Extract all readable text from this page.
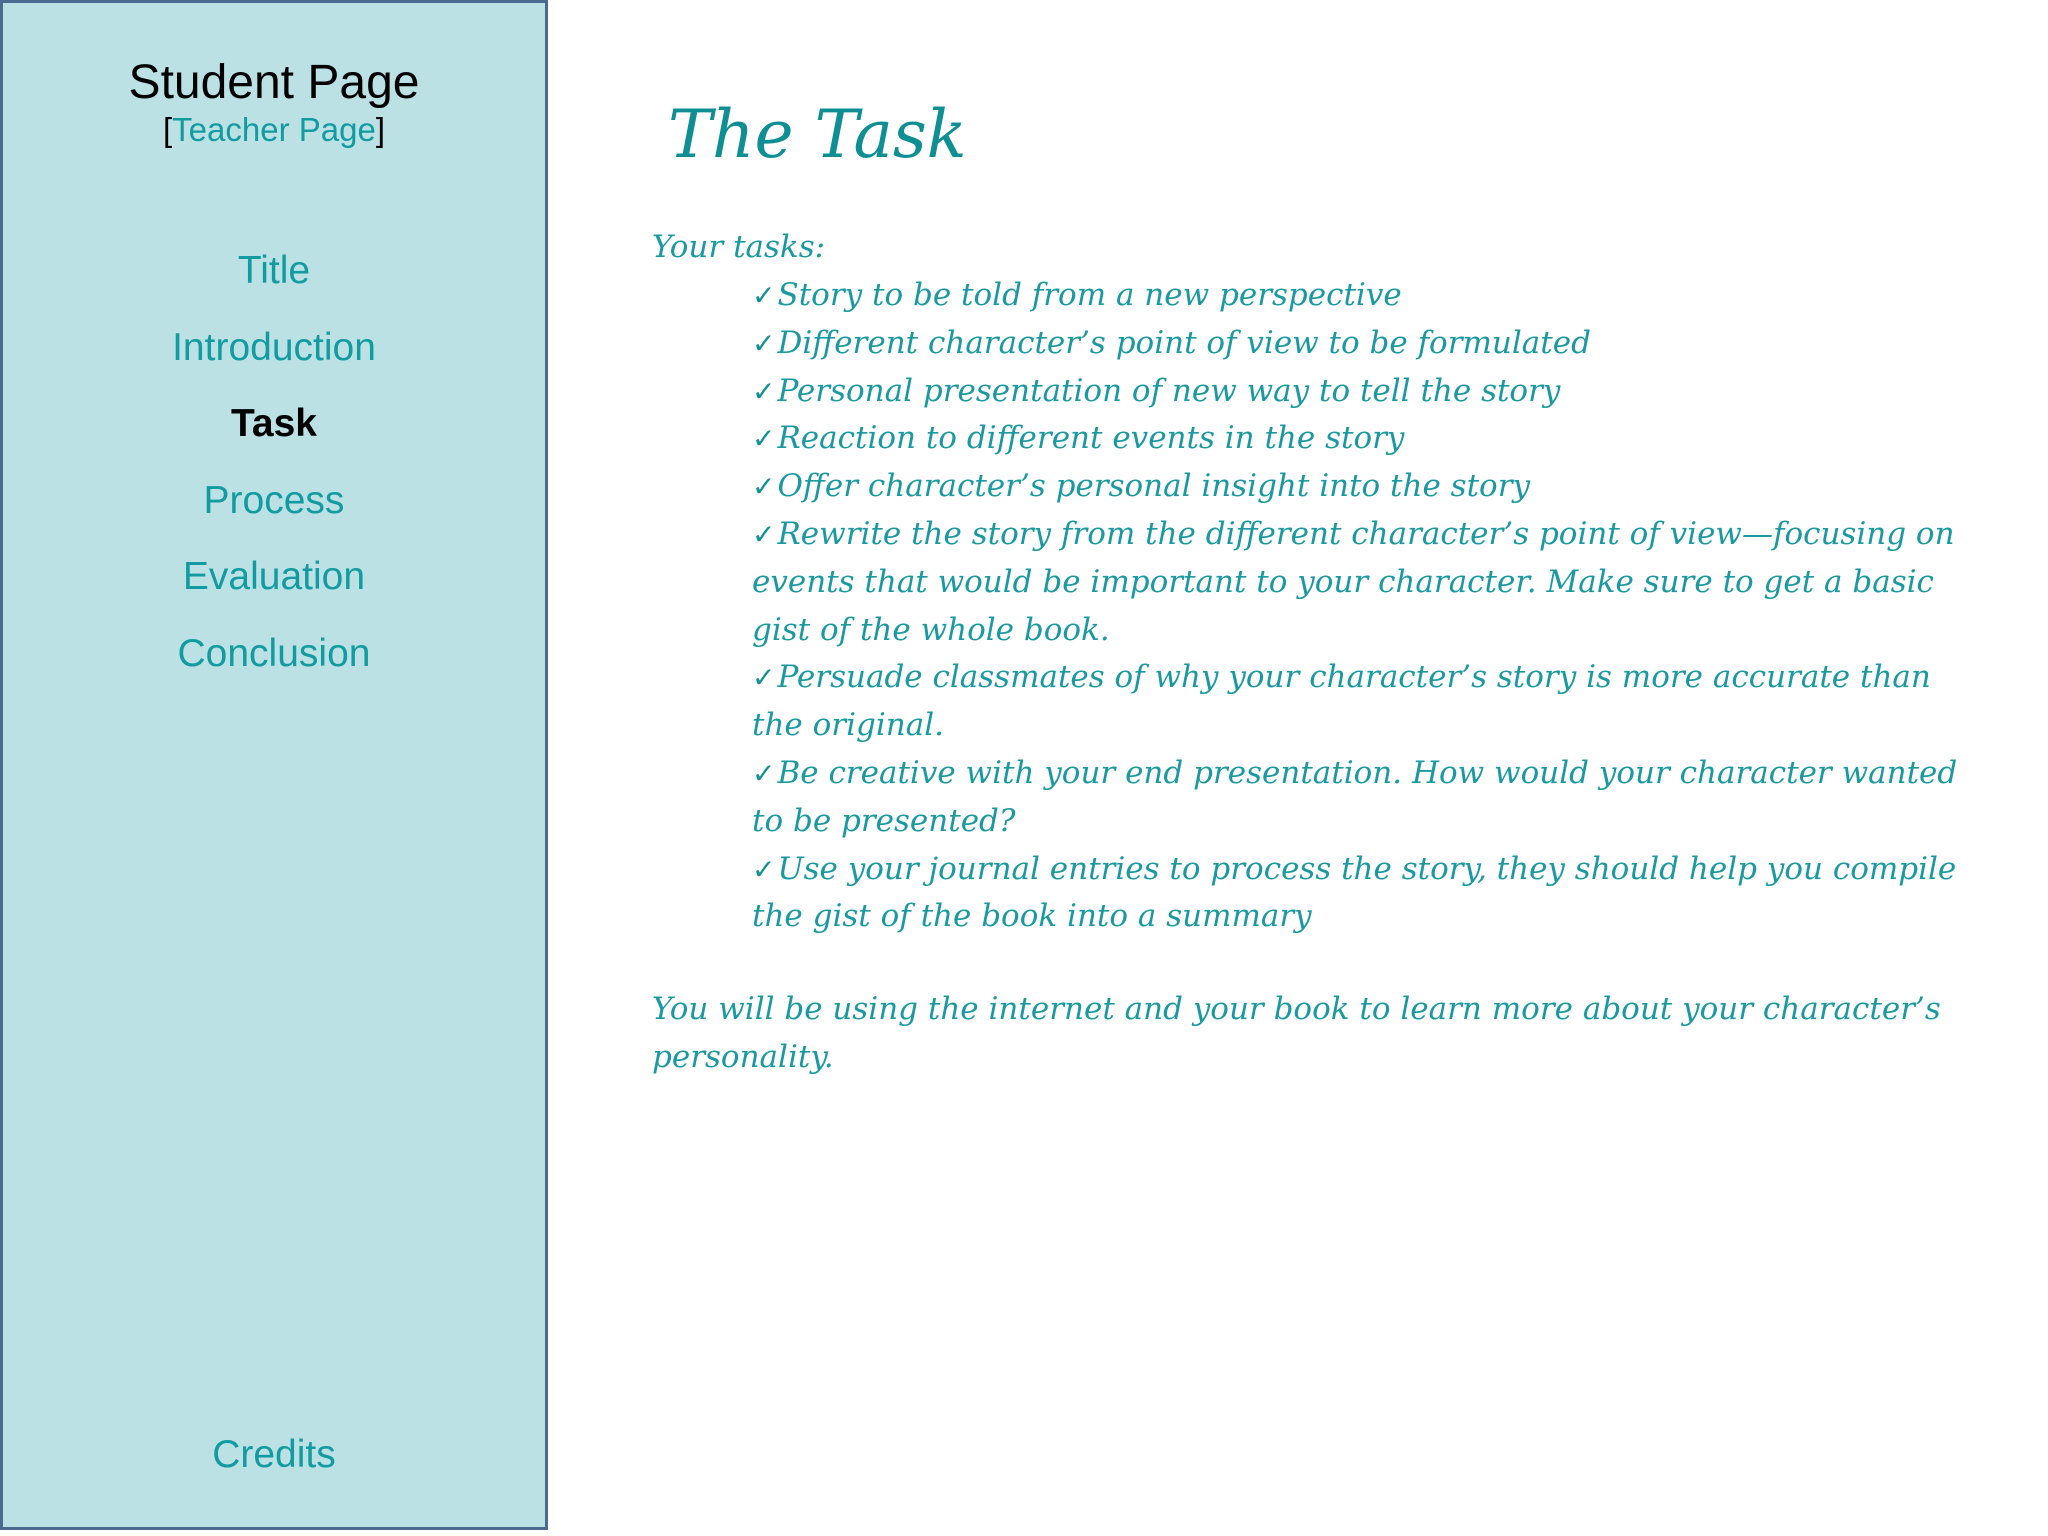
Student Page
[Teacher Page]
Title
Introduction
Task
Process
Evaluation
Conclusion
Credits
The Task
Your tasks:
✓Story to be told from a new perspective
✓Different character’s point of view to be formulated
✓Personal presentation of new way to tell the story
✓Reaction to different events in the story
✓Offer character’s personal insight into the story
✓Rewrite the story from the different character’s point of view—focusing on events that would be important to your character. Make sure to get a basic gist of the whole book.
✓Persuade classmates of why your character’s story is more accurate than the original.
✓Be creative with your end presentation. How would your character wanted to be presented?
✓Use your journal entries to process the story, they should help you compile the gist of the book into a summary
You will be using the internet and your book to learn more about your character’s personality.
